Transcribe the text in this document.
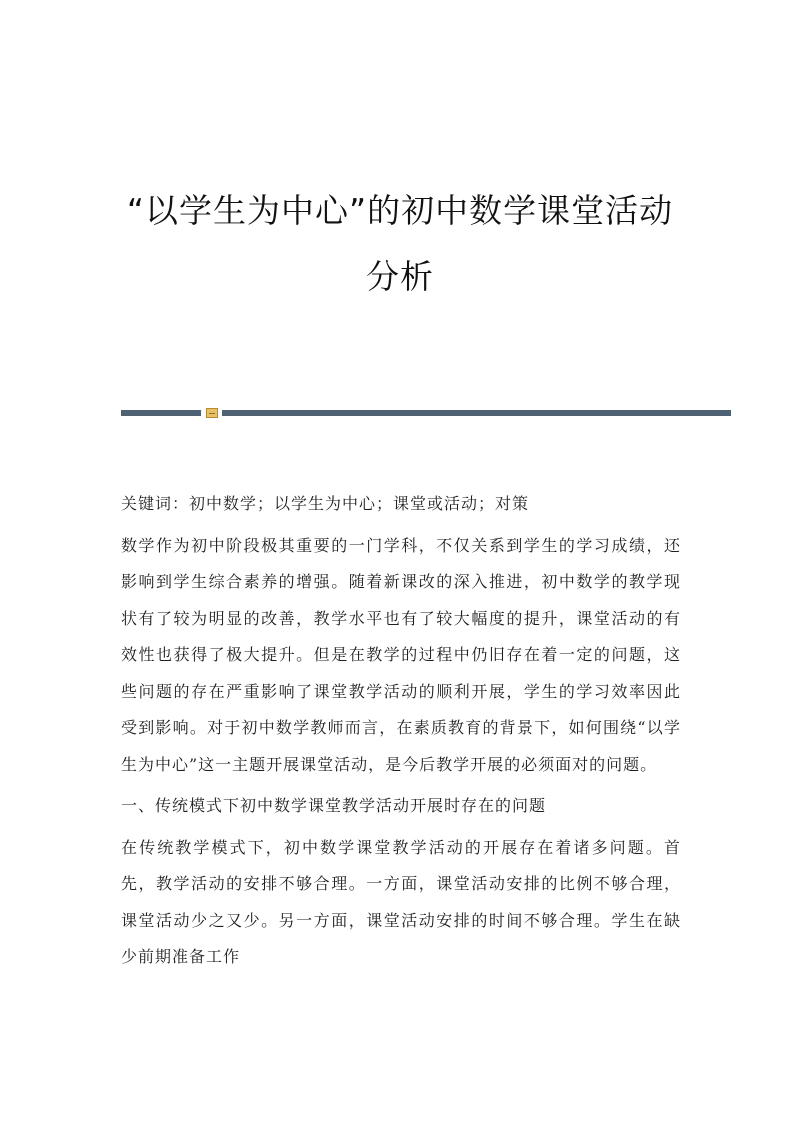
“以学生为中心”的初中数学课堂活动
分析

关键词：初中数学；以学生为中心；课堂或活动；对策

数学作为初中阶段极其重要的一门学科，不仅关系到学生的学习成绩，还影响到学生综合素养的增强。随着新课改的深入推进，初中数学的教学现状有了较为明显的改善，教学水平也有了较大幅度的提升，课堂活动的有效性也获得了极大提升。但是在教学的过程中仍旧存在着一定的问题，这些问题的存在严重影响了课堂教学活动的顺利开展，学生的学习效率因此受到影响。对于初中数学教师而言，在素质教育的背景下，如何围绕“以学生为中心”这一主题开展课堂活动，是今后教学开展的必须面对的问题。

一、传统模式下初中数学课堂教学活动开展时存在的问题

在传统教学模式下，初中数学课堂教学活动的开展存在着诸多问题。首先，教学活动的安排不够合理。一方面，课堂活动安排的比例不够合理，课堂活动少之又少。另一方面，课堂活动安排的时间不够合理。学生在缺少前期准备工作
